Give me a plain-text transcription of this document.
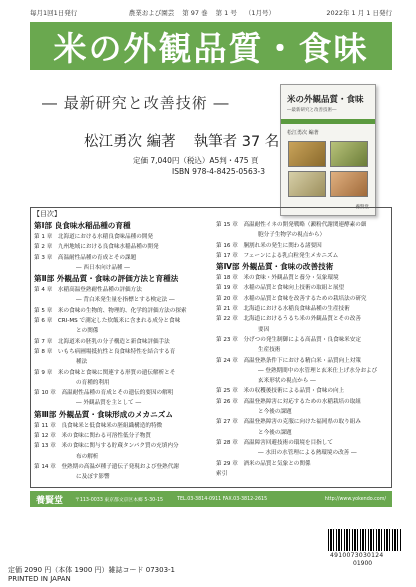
毎月1回1日発行	農業および園芸 第 97 巻 第 1 号 （1月号）	2022年 1 月 1 日発行
米の外観品質・食味
― 最新研究と改善技術 ―	米の外観品質・食味
―最新研究と改善技術―
松江勇次 編著
養賢堂
松江勇次 編著 執筆者 37 名
定価 7,040円（税込）A5判・475 頁
ISBN 978-4-8425-0563-3
【目次】
第Ⅰ部 良食味水稲品種の育種
第 1 章　北海道における水稲良食味品種の開発
第 2 章　九州地域における良食味水稲品種の開発
第 3 章　高温耐性品種の育成とその課題
― 西日本向け品種 ―
第Ⅱ部 外観品質・食味の評価方法と育種法
第 4 章　水稲高温登熟耐性品種の評価方法
― 背白米発生量を指標とする検定法 ―
第 5 章　米の食味の生物的、物理的、化学的評価方法の探索
第 6 章　CRI-MS で測定した炊飯米に含まれる成分と食味
との関係
第 7 章　北海道米の胚乳の分子構造と新食味評価手法
第 8 章　いもち病圃場抵抗性と良食味特性を結合する育
種法
第 9 章　米の食味と食味に関連する形質の遺伝解析とそ
の育種的利用
第 10 章　高温耐性品種の育成とその遺伝的要因の解明
― 外観品質を主として ―
第Ⅲ部 外観品質・食味形成のメカニズム
第 11 章　良食味米と低食味米の胚組織構造的特徴
第 12 章　米の食味に関わる可溶性低分子物質
第 13 章　米の食味に関与する貯蔵タンパク質の充填内分
布の解析
第 14 章　登熟期の高温が種子遺伝子発現および登熟代謝
に及ぼす影響
第 15 章　高温耐性イネの開発戦略（澱粉代謝関連酵素の細
胞分子生物学の視点から）
第 16 章　胴割れ米の発生に関わる諸要因
第 17 章　フェーンによる乳白粒発生メカニズム
第Ⅳ部 外観品質・食味の改善技術
第 18 章　米の食味・外観品質と養分・気象環境
第 19 章　水稲の品質と食味向上技術の取組と展望
第 20 章　水稲の品質と食味を改善するための栽培法の研究
第 21 章　北海道における水稲良食味品種の生産技術
第 22 章　北海道におけるうるち米の外観品質とその改善
要因
第 23 章　分げつの発生制御による高品質・良食味米安定
生産技術
第 24 章　高温登熟条件下における精白米・品質向上対策
― 登熟期間中の水管理と玄米仕上げ水分および
玄米形状の視点から ―
第 25 章　米の収穫後技術による品質・食味の向上
第 26 章　高温登熟障害に対応するための水稲栽培の取組
と今後の課題
第 27 章　高温登熟障害の克服に向けた福岡県の取り組み
と今後の課題
第 28 章　高温障害回避技術の環境を目指して
― 水田の水管理による熱環境の改善 ―
第 29 章　酒米の品質と気象との関係
索引
養賢堂	〒113-0033 東京都文京区本郷 5-30-15	TEL.03-3814-0911 FAX.03-3812-2615	http://www.yokendo.com/
4910073030124
01900
定価 2090 円（本体 1900 円）雑誌コード 07303‐1
PRINTED IN JAPAN
